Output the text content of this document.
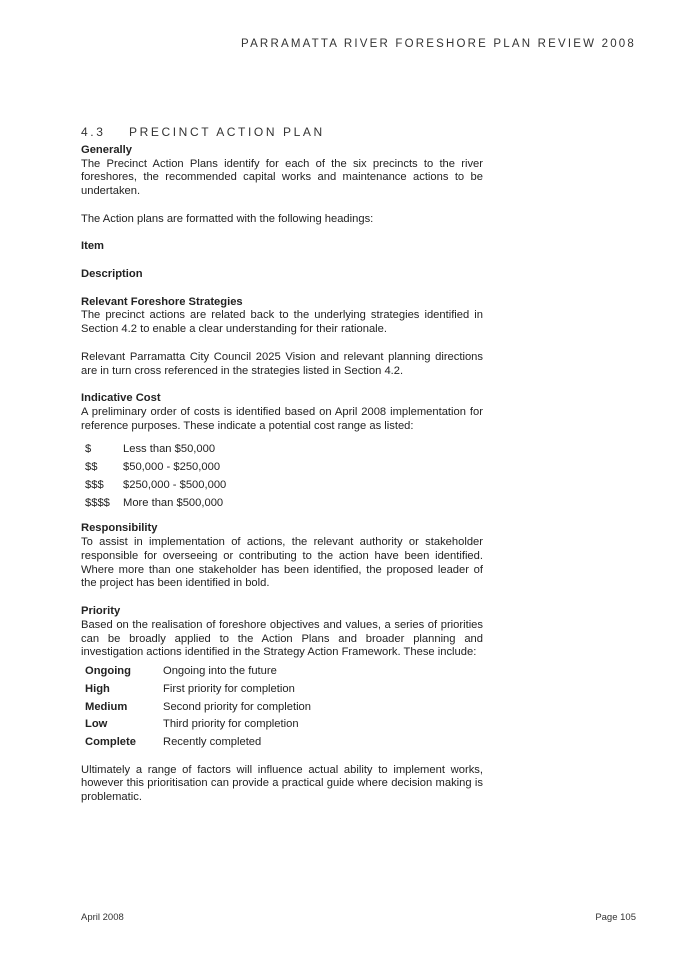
PARRAMATTA RIVER FORESHORE PLAN REVIEW 2008
4.3 PRECINCT ACTION PLAN
Generally

The Precinct Action Plans identify for each of the six precincts to the river foreshores, the recommended capital works and maintenance actions to be undertaken.

The Action plans are formatted with the following headings:

Item
Description
Relevant Foreshore Strategies

The precinct actions are related back to the underlying strategies identified in Section 4.2 to enable a clear understanding for their rationale.

Relevant Parramatta City Council 2025 Vision and relevant planning directions are in turn cross referenced in the strategies listed in Section 4.2.

Indicative Cost

A preliminary order of costs is identified based on April 2008 implementation for reference purposes. These indicate a potential cost range as listed:

$	Less than $50,000
$$	$50,000 - $250,000
$$$	$250,000 - $500,000
$$$$	More than $500,000
Responsibility

To assist in implementation of actions, the relevant authority or stakeholder responsible for overseeing or contributing to the action have been identified. Where more than one stakeholder has been identified, the proposed leader of the project has been identified in bold.

Priority

Based on the realisation of foreshore objectives and values, a series of priorities can be broadly applied to the Action Plans and broader planning and investigation actions identified in the Strategy Action Framework. These include:

Ongoing	Ongoing into the future
High	First priority for completion
Medium	Second priority for completion
Low	Third priority for completion
Complete	Recently completed

Ultimately a range of factors will influence actual ability to implement works, however this prioritisation can provide a practical guide where decision making is problematic.

April 2008	Page 105
